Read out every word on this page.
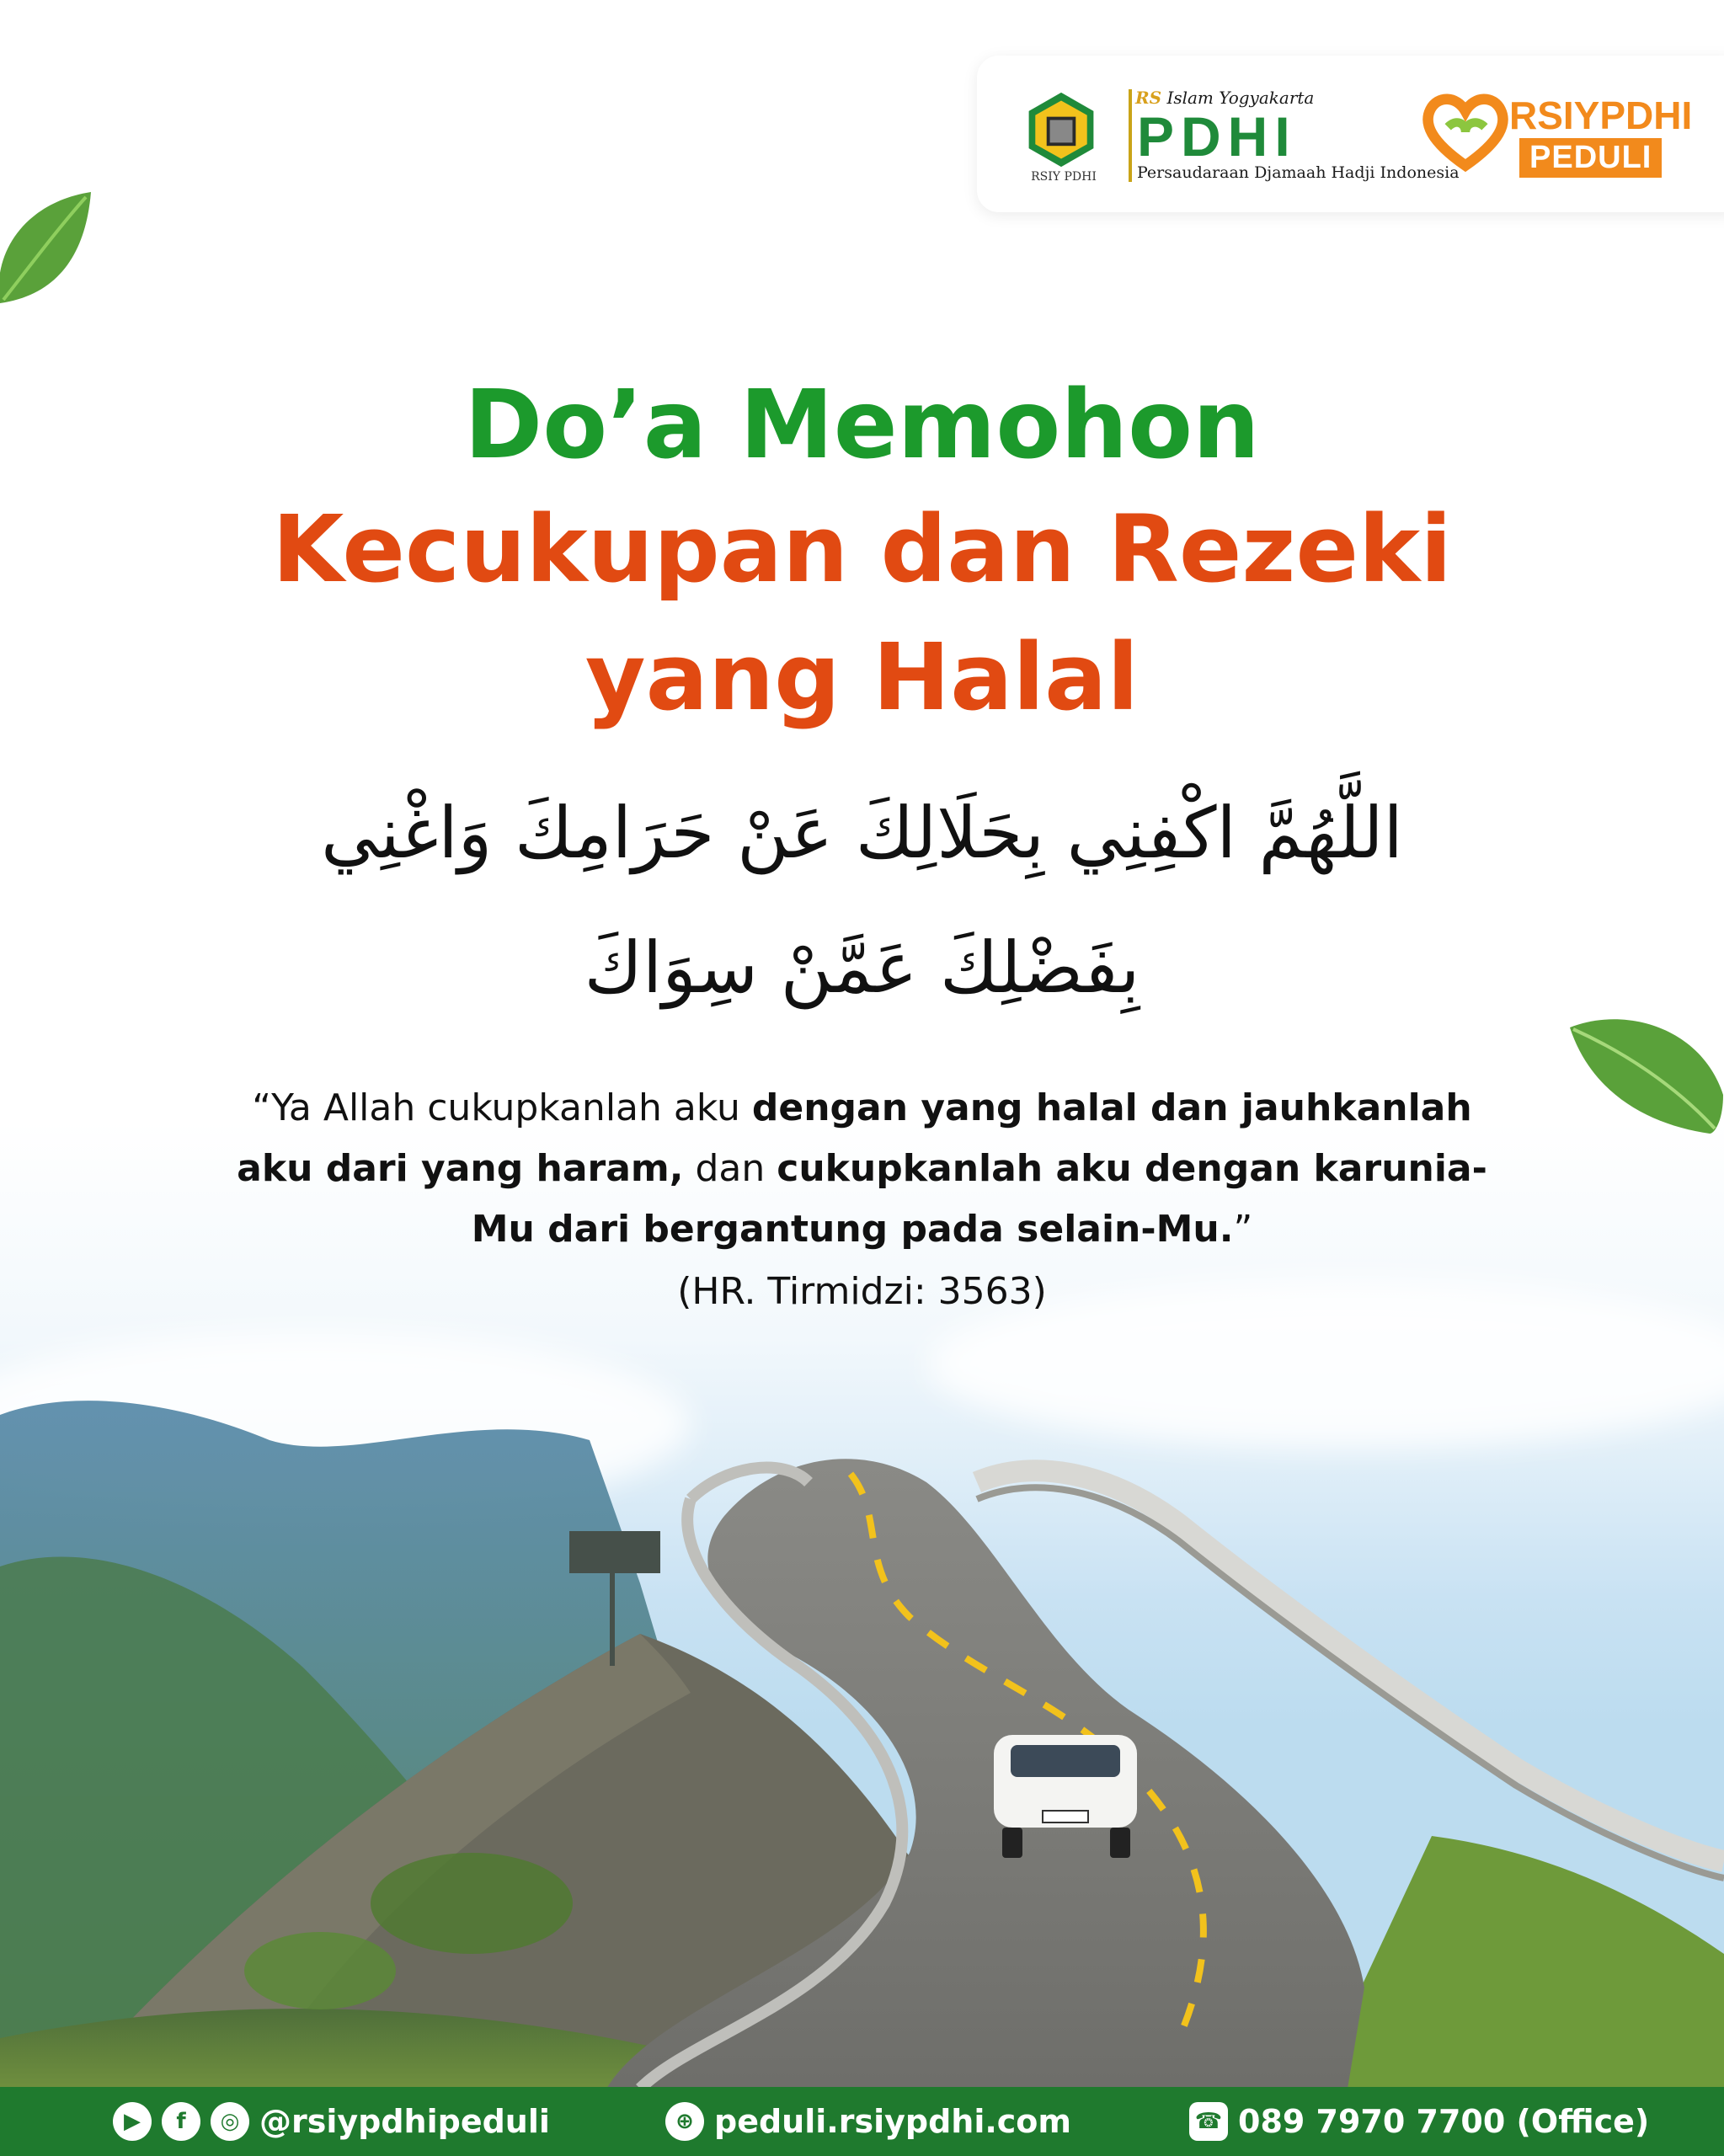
RSIY PDHI
RS Islam Yogyakarta
PDHI
Persaudaraan Djamaah Hadji Indonesia
RSIYPDHI
PEDULI
Do’a Memohon
Kecukupan dan Rezeki
yang Halal
اللَّهُمَّ اكْفِنِي بِحَلَالِكَ عَنْ حَرَامِكَ وَاغْنِي
بِفَضْلِكَ عَمَّنْ سِوَاكَ
“Ya Allah cukupkanlah aku dengan yang halal dan jauhkanlah aku dari yang haram, dan cukupkanlah aku dengan karunia-Mu dari bergantung pada selain-Mu.”
(HR. Tirmidzi: 3563)
▶	f	◎ @rsiypdhipeduli	⊕ peduli.rsiypdhi.com	☎ 089 7970 7700 (Office)
